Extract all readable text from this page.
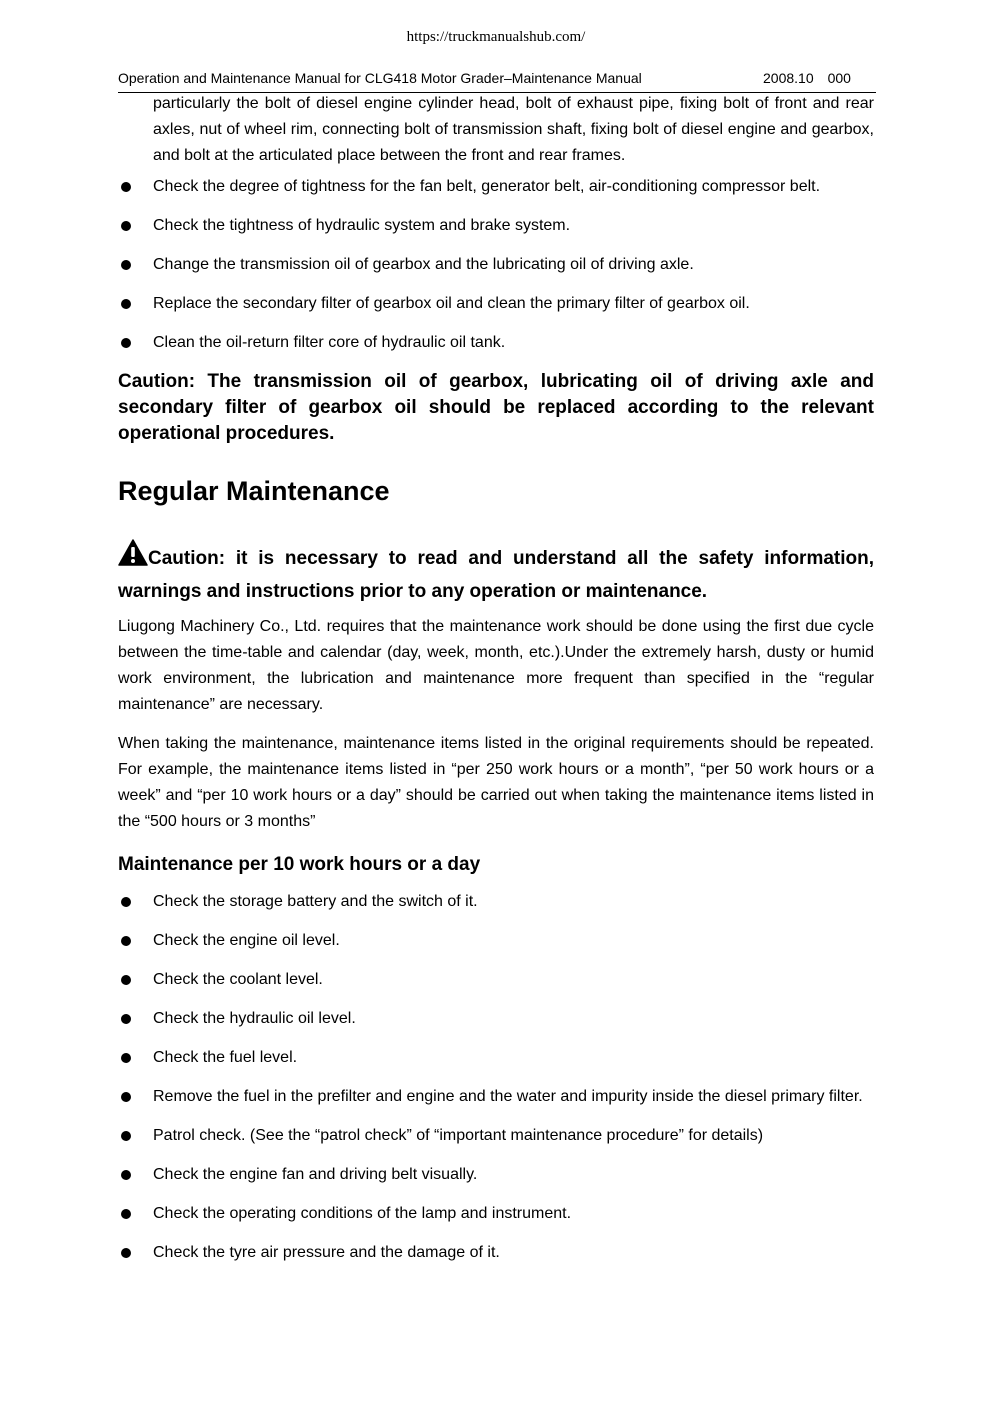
https://truckmanualshub.com/
Operation and Maintenance Manual for CLG418 Motor Grader–Maintenance Manual	2008.10 000

particularly the bolt of diesel engine cylinder head, bolt of exhaust pipe, fixing bolt of front and rear axles, nut of wheel rim, connecting bolt of transmission shaft, fixing bolt of diesel engine and gearbox, and bolt at the articulated place between the front and rear frames.

Check the degree of tightness for the fan belt, generator belt, air-conditioning compressor belt.
Check the tightness of hydraulic system and brake system.
Change the transmission oil of gearbox and the lubricating oil of driving axle.
Replace the secondary filter of gearbox oil and clean the primary filter of gearbox oil.
Clean the oil-return filter core of hydraulic oil tank.

Caution: The transmission oil of gearbox, lubricating oil of driving axle and secondary filter of gearbox oil should be replaced according to the relevant operational procedures.

Regular Maintenance

Caution: it is necessary to read and understand all the safety information, warnings and instructions prior to any operation or maintenance.

Liugong Machinery Co., Ltd. requires that the maintenance work should be done using the first due cycle between the time-table and calendar (day, week, month, etc.).Under the extremely harsh, dusty or humid work environment, the lubrication and maintenance more frequent than specified in the “regular maintenance” are necessary.

When taking the maintenance, maintenance items listed in the original requirements should be repeated. For example, the maintenance items listed in “per 250 work hours or a month”, “per 50 work hours or a week” and “per 10 work hours or a day” should be carried out when taking the maintenance items listed in the “500 hours or 3 months”

Maintenance per 10 work hours or a day
Check the storage battery and the switch of it.
Check the engine oil level.
Check the coolant level.
Check the hydraulic oil level.
Check the fuel level.
Remove the fuel in the prefilter and engine and the water and impurity inside the diesel primary filter.
Patrol check. (See the “patrol check” of “important maintenance procedure” for details)
Check the engine fan and driving belt visually.
Check the operating conditions of the lamp and instrument.
Check the tyre air pressure and the damage of it.
